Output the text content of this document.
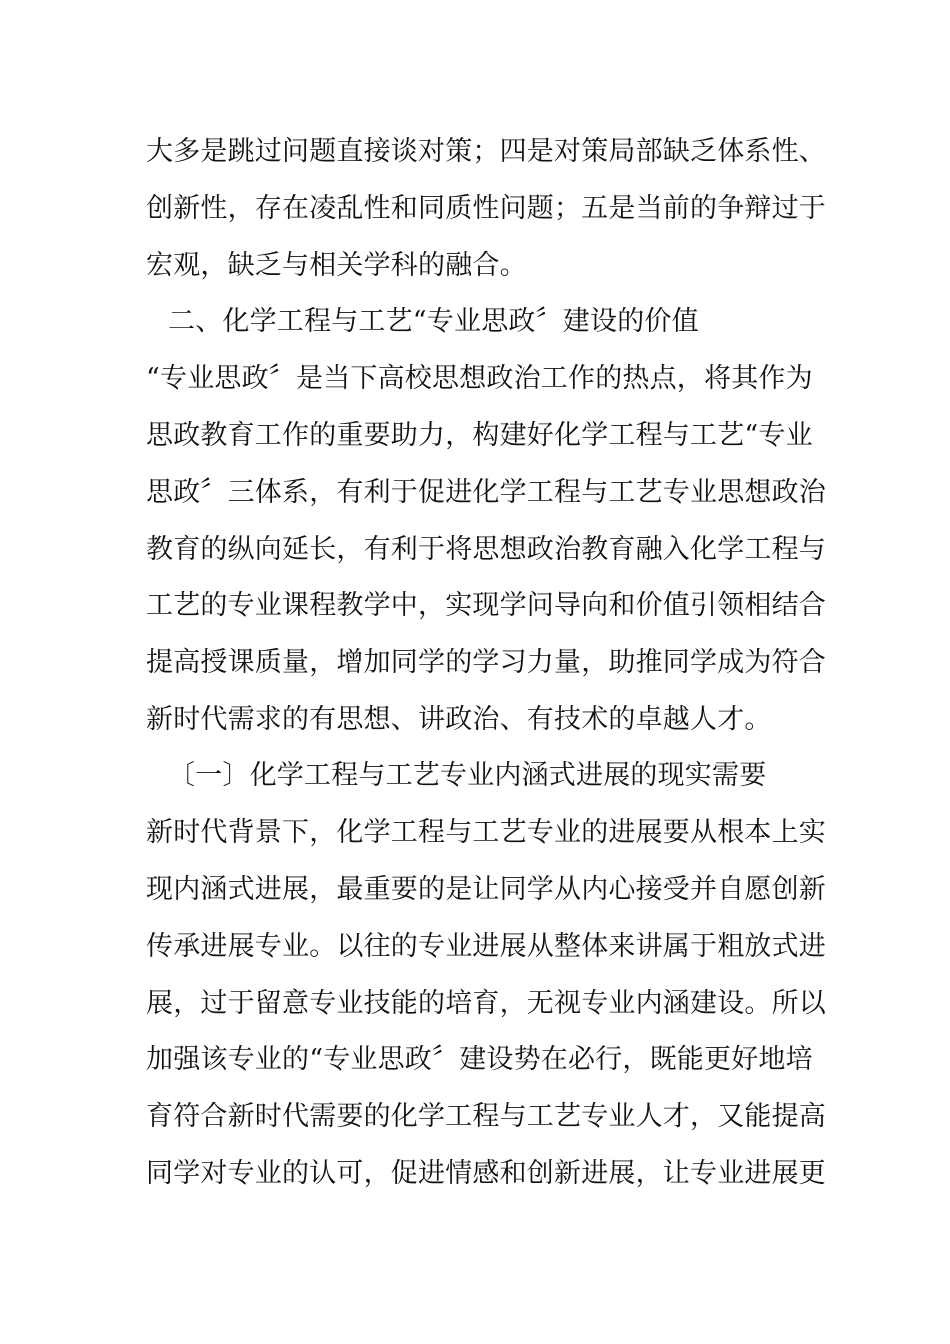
大多是跳过问题直接谈对策；四是对策局部缺乏体系性、
创新性，存在凌乱性和同质性问题；五是当前的争辩过于
宏观，缺乏与相关学科的融合。
二、化学工程与工艺“专业思政〞建设的价值
“专业思政〞是当下高校思想政治工作的热点，将其作为
思政教育工作的重要助力，构建好化学工程与工艺“专业
思政〞三体系，有利于促进化学工程与工艺专业思想政治
教育的纵向延长，有利于将思想政治教育融入化学工程与
工艺的专业课程教学中，实现学问导向和价值引领相结合
提高授课质量，增加同学的学习力量，助推同学成为符合
新时代需求的有思想、讲政治、有技术的卓越人才。
〔一〕化学工程与工艺专业内涵式进展的现实需要
新时代背景下，化学工程与工艺专业的进展要从根本上实
现内涵式进展，最重要的是让同学从内心接受并自愿创新
传承进展专业。以往的专业进展从整体来讲属于粗放式进
展，过于留意专业技能的培育，无视专业内涵建设。所以
加强该专业的“专业思政〞建设势在必行，既能更好地培
育符合新时代需要的化学工程与工艺专业人才，又能提高
同学对专业的认可，促进情感和创新进展，让专业进展更
